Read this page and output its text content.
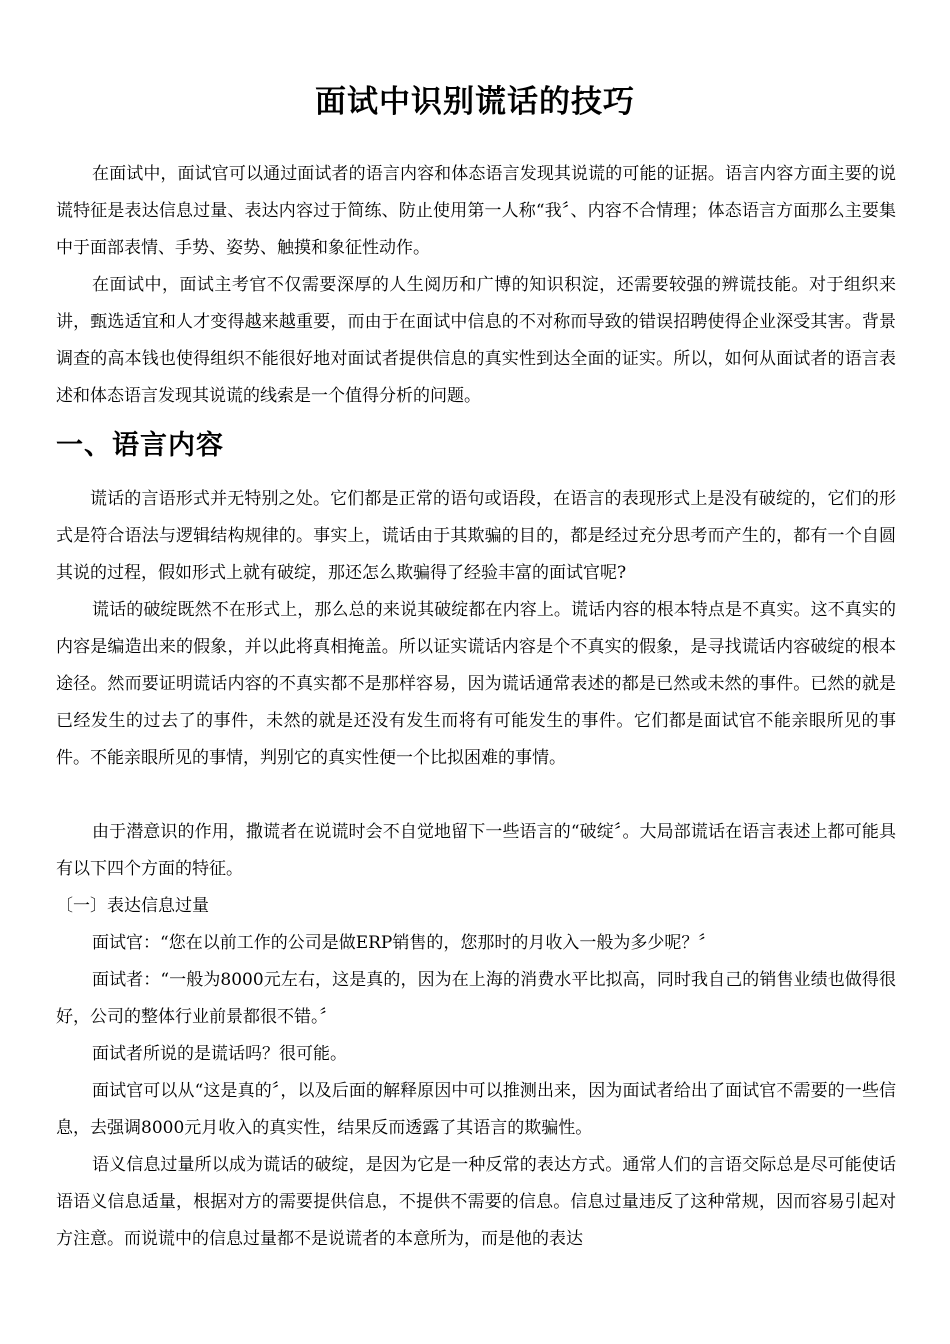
面试中识别谎话的技巧

在面试中，面试官可以通过面试者的语言内容和体态语言发现其说谎的可能的证据。语言内容方面主要的说谎特征是表达信息过量、表达内容过于简练、防止使用第一人称“我〞、内容不合情理；体态语言方面那么主要集中于面部表情、手势、姿势、触摸和象征性动作。

在面试中，面试主考官不仅需要深厚的人生阅历和广博的知识积淀，还需要较强的辨谎技能。对于组织来讲，甄选适宜和人才变得越来越重要，而由于在面试中信息的不对称而导致的错误招聘使得企业深受其害。背景调查的高本钱也使得组织不能很好地对面试者提供信息的真实性到达全面的证实。所以，如何从面试者的语言表述和体态语言发现其说谎的线索是一个值得分析的问题。

一、语言内容

谎话的言语形式并无特别之处。它们都是正常的语句或语段，在语言的表现形式上是没有破绽的，它们的形式是符合语法与逻辑结构规律的。事实上，谎话由于其欺骗的目的，都是经过充分思考而产生的，都有一个自圆其说的过程，假如形式上就有破绽，那还怎么欺骗得了经验丰富的面试官呢?

谎话的破绽既然不在形式上，那么总的来说其破绽都在内容上。谎话内容的根本特点是不真实。这不真实的内容是编造出来的假象，并以此将真相掩盖。所以证实谎话内容是个不真实的假象，是寻找谎话内容破绽的根本途径。然而要证明谎话内容的不真实都不是那样容易，因为谎话通常表述的都是已然或未然的事件。已然的就是已经发生的过去了的事件，未然的就是还没有发生而将有可能发生的事件。它们都是面试官不能亲眼所见的事件。不能亲眼所见的事情，判别它的真实性便一个比拟困难的事情。

由于潜意识的作用，撒谎者在说谎时会不自觉地留下一些语言的“破绽〞。大局部谎话在语言表述上都可能具有以下四个方面的特征。

〔一〕表达信息过量

面试官：“您在以前工作的公司是做ERP销售的，您那时的月收入一般为多少呢？〞

面试者：“一般为8000元左右，这是真的，因为在上海的消费水平比拟高，同时我自己的销售业绩也做得很好，公司的整体行业前景都很不错。〞

面试者所说的是谎话吗？很可能。

面试官可以从“这是真的〞，以及后面的解释原因中可以推测出来，因为面试者给出了面试官不需要的一些信息，去强调8000元月收入的真实性，结果反而透露了其语言的欺骗性。

语义信息过量所以成为谎话的破绽，是因为它是一种反常的表达方式。通常人们的言语交际总是尽可能使话语语义信息适量，根据对方的需要提供信息，不提供不需要的信息。信息过量违反了这种常规，因而容易引起对方注意。而说谎中的信息过量都不是说谎者的本意所为，而是他的表达
